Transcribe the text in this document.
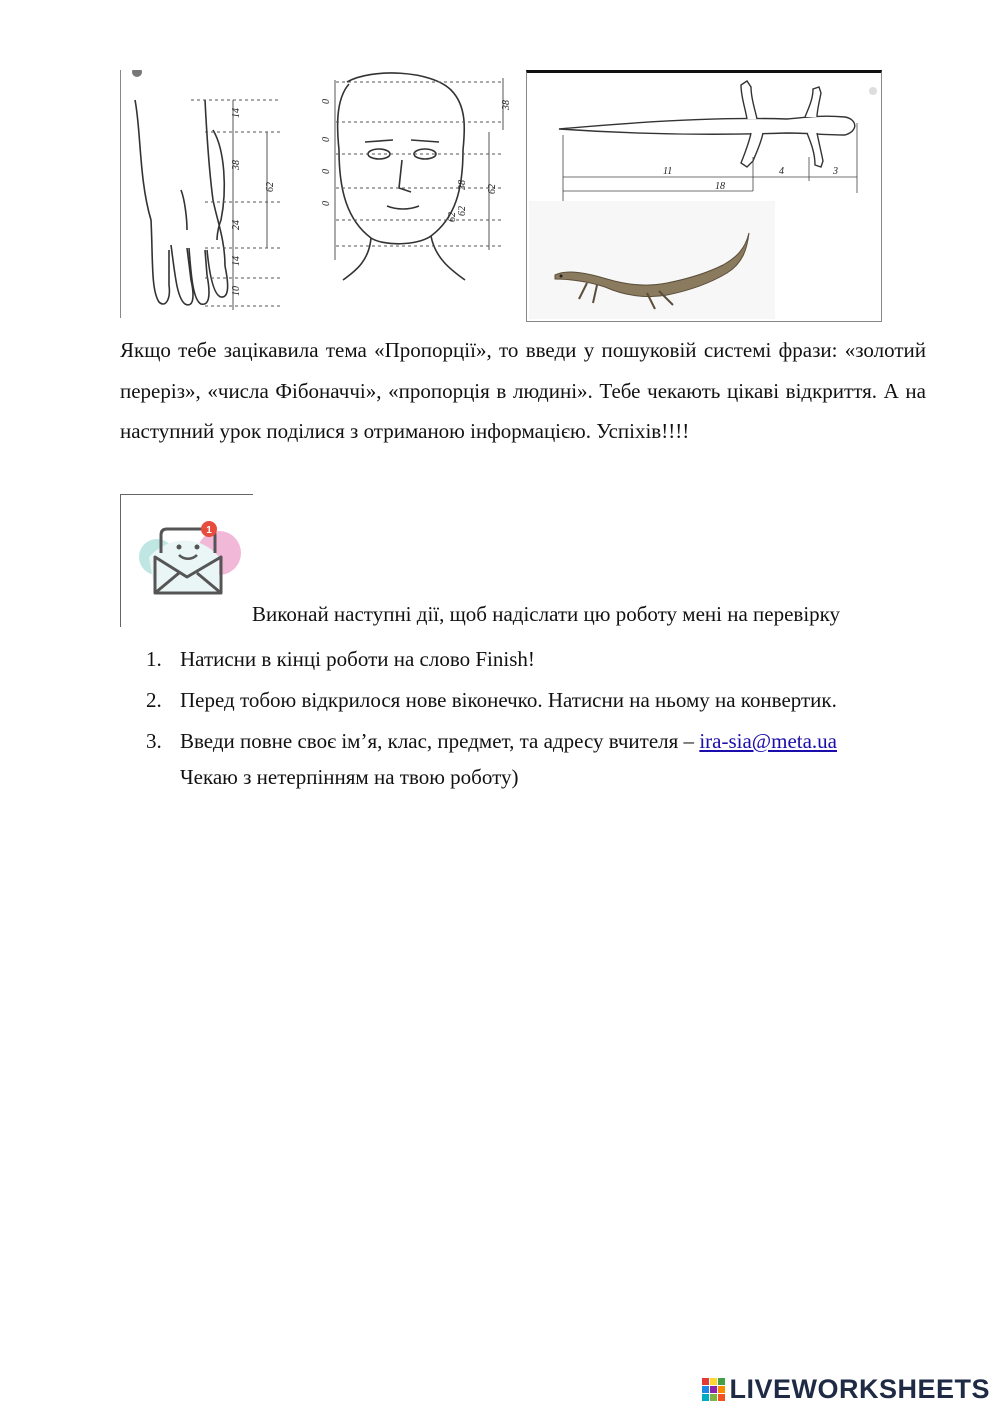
14
38
62
24
14
10
0
0
0
0
38
62
38
62
62
11
18
4	3
Якщо тебе зацікавила тема «Пропорції», то введи у пошуковій системі фрази: «золотий переріз», «числа Фібоначчі», «пропорція в людині». Тебе чекають цікаві відкриття. А на наступний урок поділися з отриманою інформацією. Успіхів!!!!
1
Виконай наступні дії, щоб надіслати цю роботу мені на перевірку
1. Натисни в кінці роботи на слово Finish!
2. Перед тобою відкрилося нове віконечко. Натисни на ньому на конвертик.
3. Введи повне своє ім’я, клас, предмет, та адресу вчителя – ira-sia@meta.ua
Чекаю з нетерпінням на твою роботу)
LIVEWORKSHEETS
